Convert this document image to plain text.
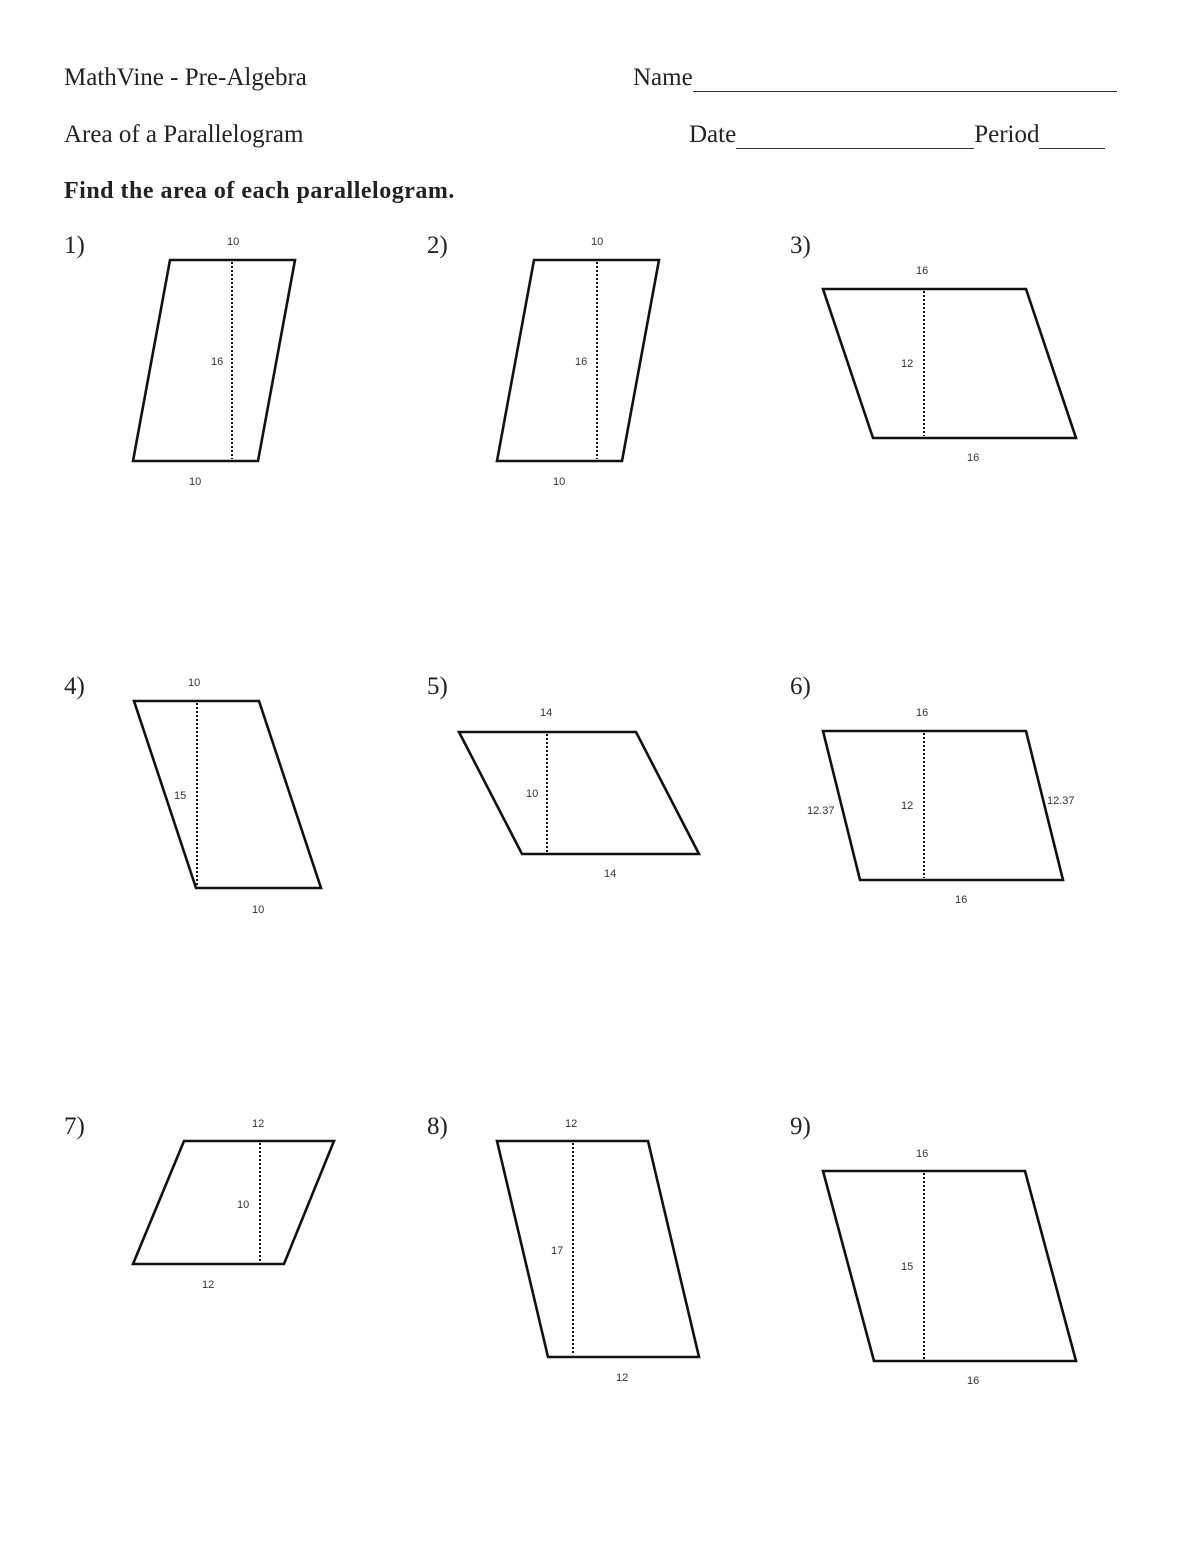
MathVine - Pre-Algebra	Name
Area of a Parallelogram	Date	Period
Find the area of each parallelogram.
1)	2)	3)
4)	5)	6)
7)	8)	9)
10
16
10
10
16
10
16
12
16
10
15
10
14
10
14
16
12
12.37
12.37
16
12
10
12
12
17
12
16
15
16
